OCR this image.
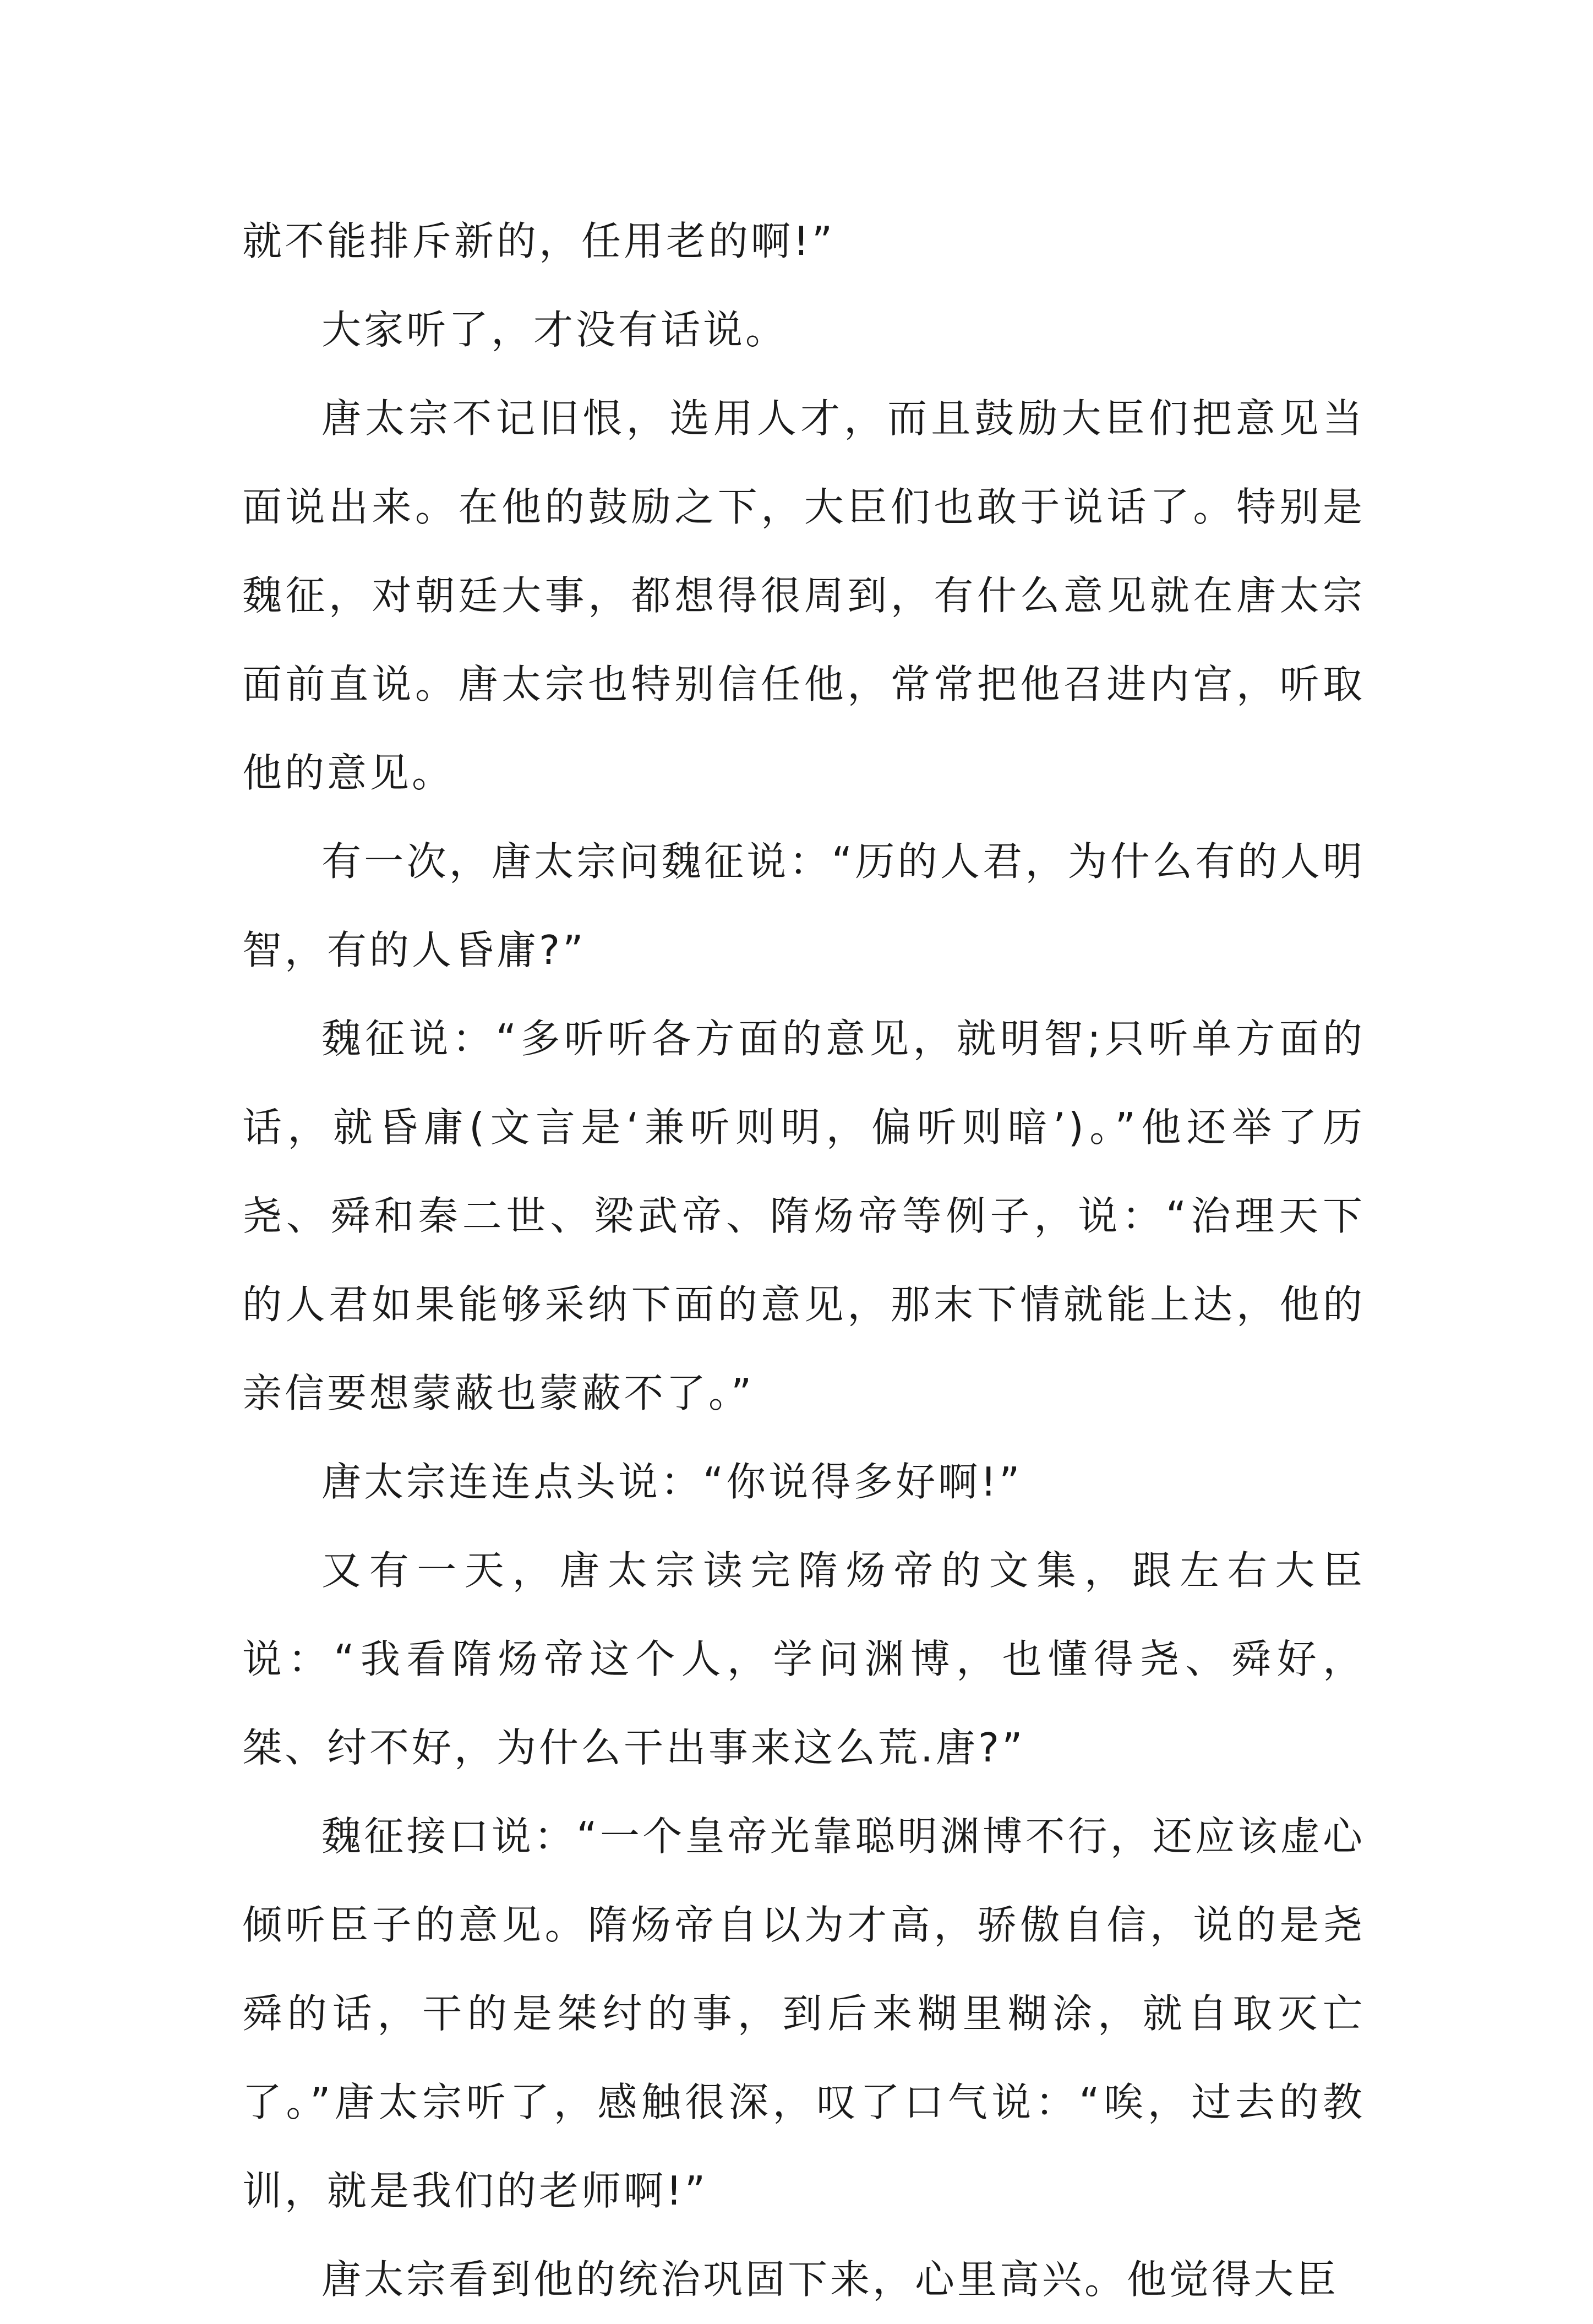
就不能排斥新的，任用老的啊!”

大家听了，才没有话说。

唐太宗不记旧恨，选用人才，而且鼓励大臣们把意见当面说出来。在他的鼓励之下，大臣们也敢于说话了。特别是魏征，对朝廷大事，都想得很周到，有什么意见就在唐太宗面前直说。唐太宗也特别信任他，常常把他召进内宫，听取他的意见。

有一次，唐太宗问魏征说：“历的人君，为什么有的人明智，有的人昏庸?”

魏征说：“多听听各方面的意见，就明智;只听单方面的话，就昏庸(文言是‘兼听则明，偏听则暗’)。”他还举了历尧、舜和秦二世、梁武帝、隋炀帝等例子，说：“治理天下的人君如果能够采纳下面的意见，那末下情就能上达，他的亲信要想蒙蔽也蒙蔽不了。”

唐太宗连连点头说：“你说得多好啊!”

又有一天，唐太宗读完隋炀帝的文集，跟左右大臣说：“我看隋炀帝这个人，学问渊博，也懂得尧、舜好，桀、纣不好，为什么干出事来这么荒.唐?”

魏征接口说：“一个皇帝光靠聪明渊博不行，还应该虚心倾听臣子的意见。隋炀帝自以为才高，骄傲自信，说的是尧舜的话，干的是桀纣的事，到后来糊里糊涂，就自取灭亡了。”唐太宗听了，感触很深，叹了口气说：“唉，过去的教训，就是我们的老师啊!”

唐太宗看到他的统治巩固下来，心里高兴。他觉得大臣
